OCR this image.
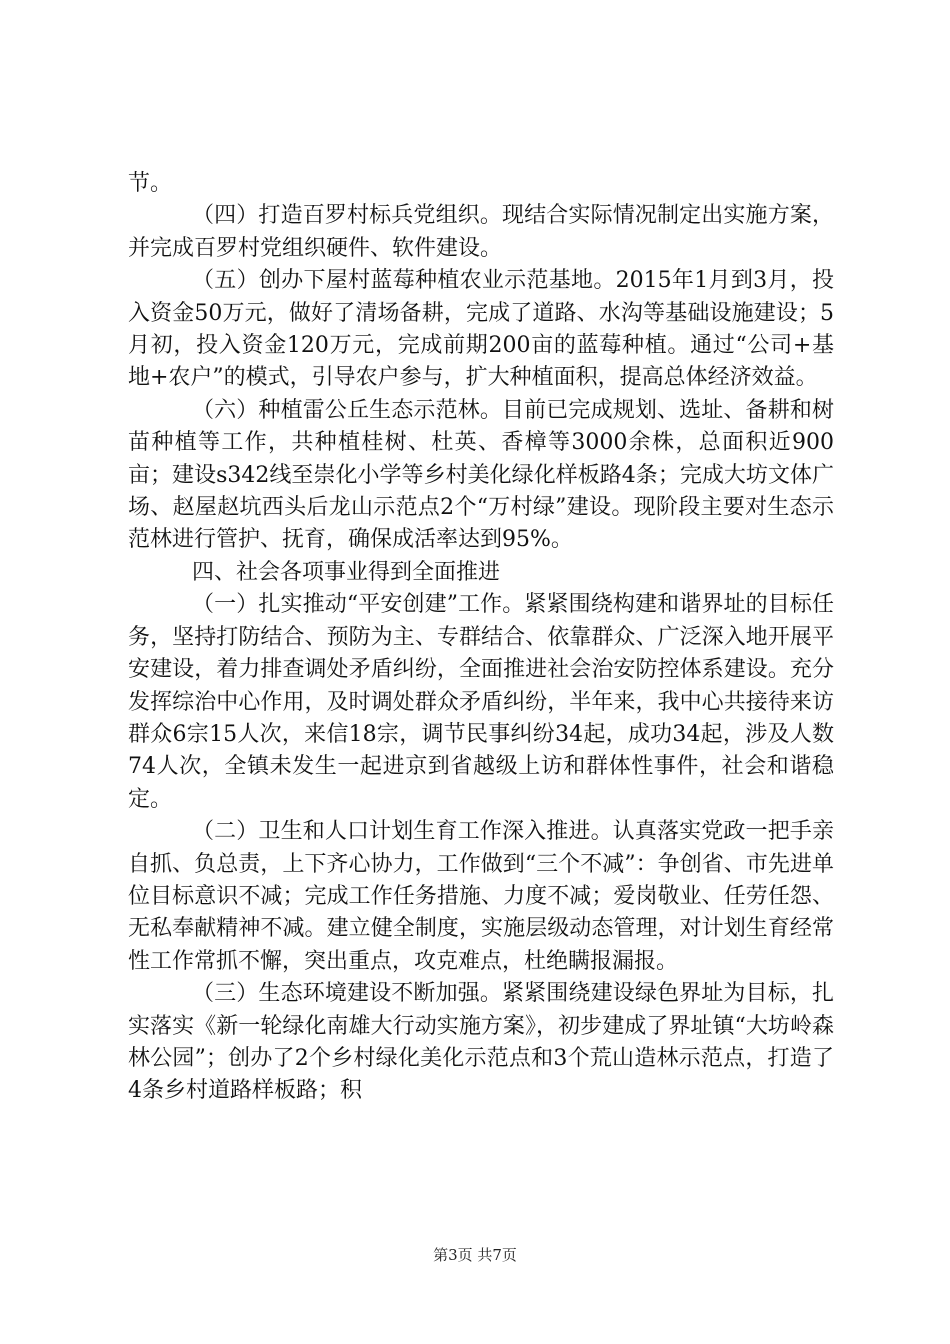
节。

（四）打造百罗村标兵党组织。现结合实际情况制定出实施方案，并完成百罗村党组织硬件、软件建设。

（五）创办下屋村蓝莓种植农业示范基地。2015年1月到3月，投入资金50万元，做好了清场备耕，完成了道路、水沟等基础设施建设；5月初，投入资金120万元，完成前期200亩的蓝莓种植。通过“公司+基地+农户”的模式，引导农户参与，扩大种植面积，提高总体经济效益。

（六）种植雷公丘生态示范林。目前已完成规划、选址、备耕和树苗种植等工作，共种植桂树、杜英、香樟等3000余株，总面积近900亩；建设s342线至崇化小学等乡村美化绿化样板路4条；完成大坊文体广场、赵屋赵坑西头后龙山示范点2个“万村绿”建设。现阶段主要对生态示范林进行管护、抚育，确保成活率达到95%。

四、社会各项事业得到全面推进

（一）扎实推动“平安创建”工作。紧紧围绕构建和谐界址的目标任务，坚持打防结合、预防为主、专群结合、依靠群众、广泛深入地开展平安建设，着力排查调处矛盾纠纷，全面推进社会治安防控体系建设。充分发挥综治中心作用，及时调处群众矛盾纠纷，半年来，我中心共接待来访群众6宗15人次，来信18宗，调节民事纠纷34起，成功34起，涉及人数74人次，全镇未发生一起进京到省越级上访和群体性事件，社会和谐稳定。

（二）卫生和人口计划生育工作深入推进。认真落实党政一把手亲自抓、负总责，上下齐心协力，工作做到“三个不减”：争创省、市先进单位目标意识不减；完成工作任务措施、力度不减；爱岗敬业、任劳任怨、无私奉献精神不减。建立健全制度，实施层级动态管理，对计划生育经常性工作常抓不懈，突出重点，攻克难点，杜绝瞒报漏报。

（三）生态环境建设不断加强。紧紧围绕建设绿色界址为目标，扎实落实《新一轮绿化南雄大行动实施方案》，初步建成了界址镇“大坊岭森林公园”；创办了2个乡村绿化美化示范点和3个荒山造林示范点，打造了4条乡村道路样板路；积

第3页 共7页
